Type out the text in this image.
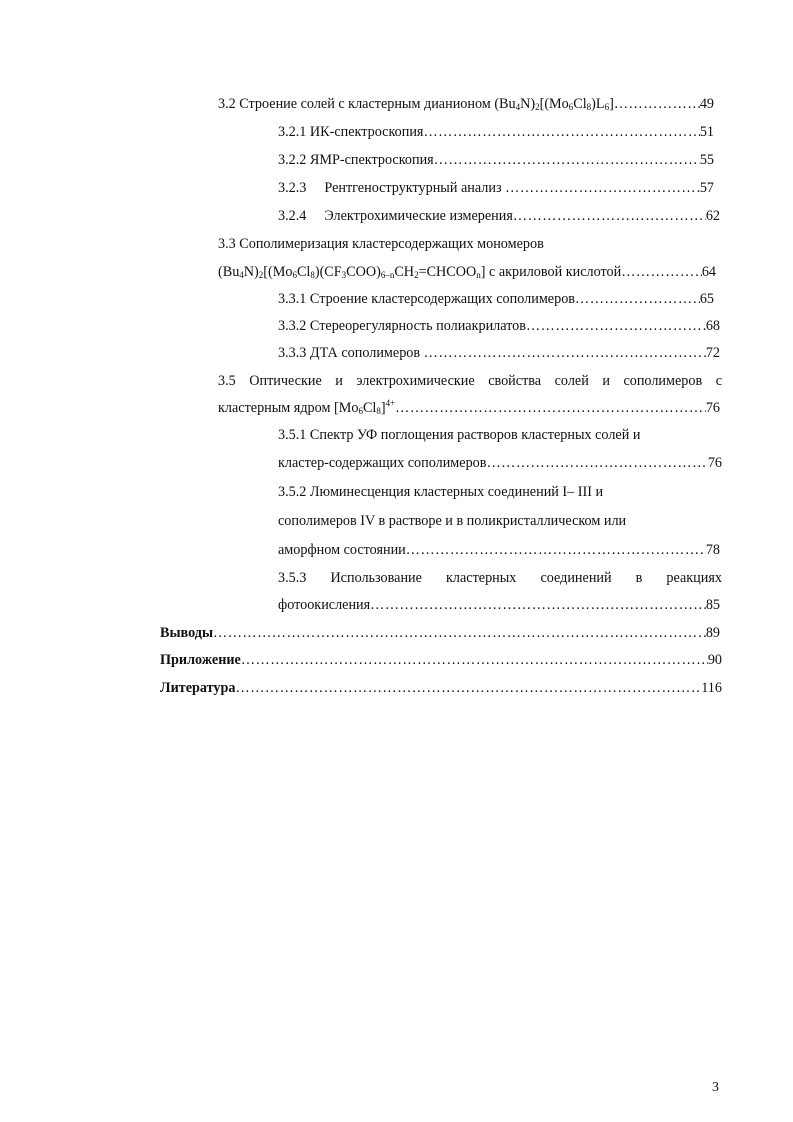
3.2 Строение солей с кластерным дианионом $(Bu_4N)_2[(Mo_6Cl_8)L_6]$ …………………………………………………………………………………………………………………………	49
3.2.1 ИК-спектроскопия …………………………………………………………………………………………………………………………	51
3.2.2 ЯМР-спектроскопия …………………………………………………………………………………………………………………………	55
3.2.3 Рентгеноструктурный анализ …………………………………………………………………………………………………………………………	57
3.2.4 Электрохимические измерения …………………………………………………………………………………………………………………………	62
3.3 Сополимеризация кластерсодержащих мономеров
$(Bu_4N)_2[(Mo_6Cl_8)(CF_3COO)_{6-n}CH_2=CHCOO_n]$ с акриловой кислотой …………………………………………………………………………………………………………………………	64
3.3.1 Строение кластерсодержащих сополимеров …………………………………………………………………………………………………………………………	65
3.3.2 Стереорегулярность полиакрилатов …………………………………………………………………………………………………………………………	68
3.3.3 ДТА сополимеров …………………………………………………………………………………………………………………………	72
3.5 Оптические и электрохимические свойства солей и сополимеров с
кластерным ядром $[Mo_6Cl_8]^{4+}$ …………………………………………………………………………………………………………………………	76
3.5.1 Спектр УФ поглощения растворов кластерных солей и
кластер-содержащих сополимеров …………………………………………………………………………………………………………………………	76
3.5.2 Люминесценция кластерных соединений I– III и
сополимеров IV в растворе и в поликристаллическом или
аморфном состоянии …………………………………………………………………………………………………………………………	78
3.5.3 Использование кластерных соединений в реакциях
фотоокисления …………………………………………………………………………………………………………………………	85
Выводы …………………………………………………………………………………………………………………………	89
Приложение …………………………………………………………………………………………………………………………	90
Литература …………………………………………………………………………………………………………………………	116
3
